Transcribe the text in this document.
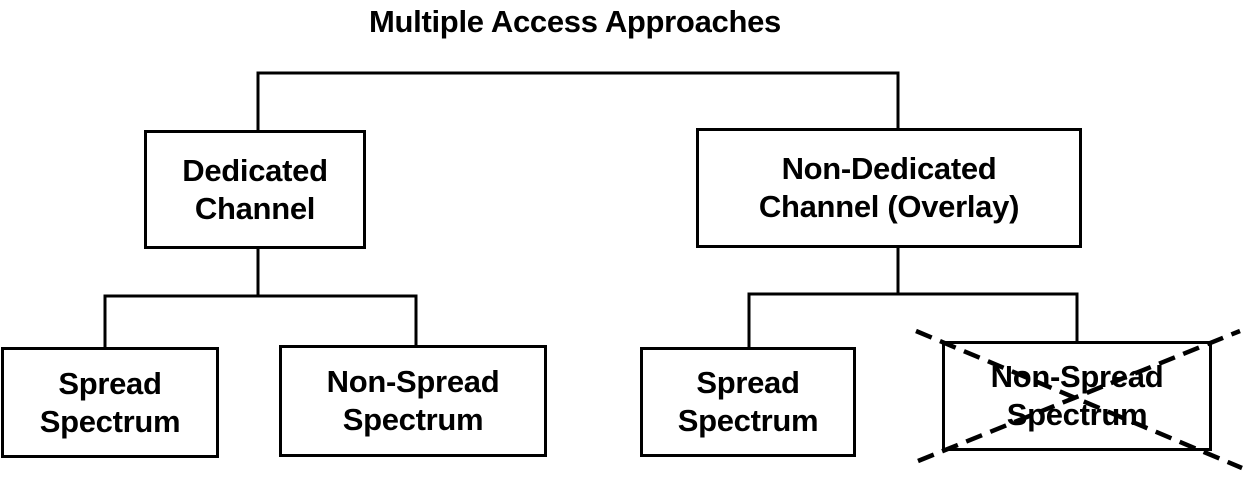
Multiple Access Approaches
Dedicated
Channel
Non-Dedicated
Channel (Overlay)
Spread
Spectrum
Non-Spread
Spectrum
Spread
Spectrum
Non-Spread
Spectrum
